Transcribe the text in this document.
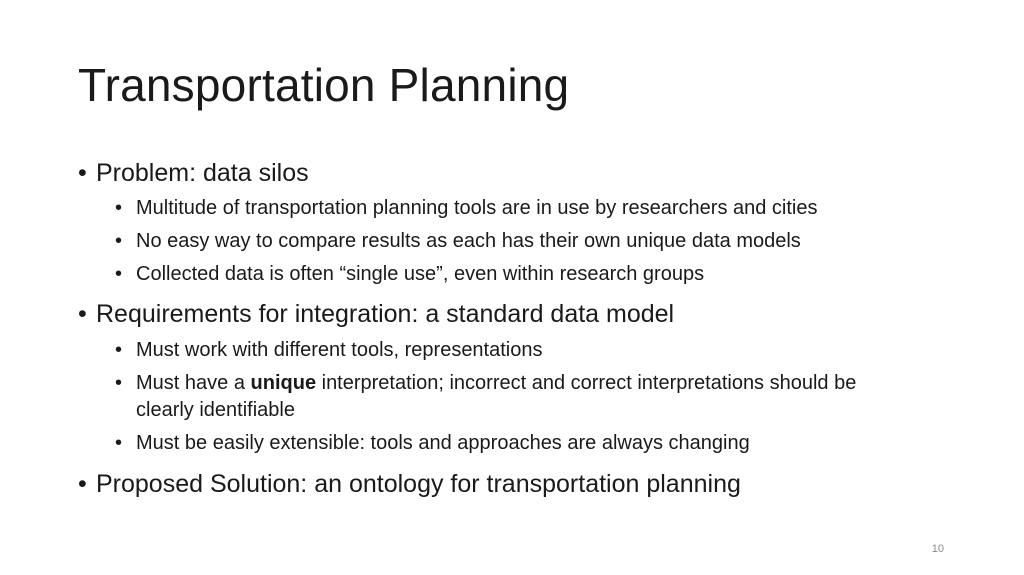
Transportation Planning
• Problem: data silos
• Multitude of transportation planning tools are in use by researchers and cities
• No easy way to compare results as each has their own unique data models
• Collected data is often “single use”, even within research groups
• Requirements for integration: a standard data model
• Must work with different tools, representations
• Must have a unique interpretation; incorrect and correct interpretations should be clearly identifiable
• Must be easily extensible: tools and approaches are always changing
• Proposed Solution: an ontology for transportation planning
10
